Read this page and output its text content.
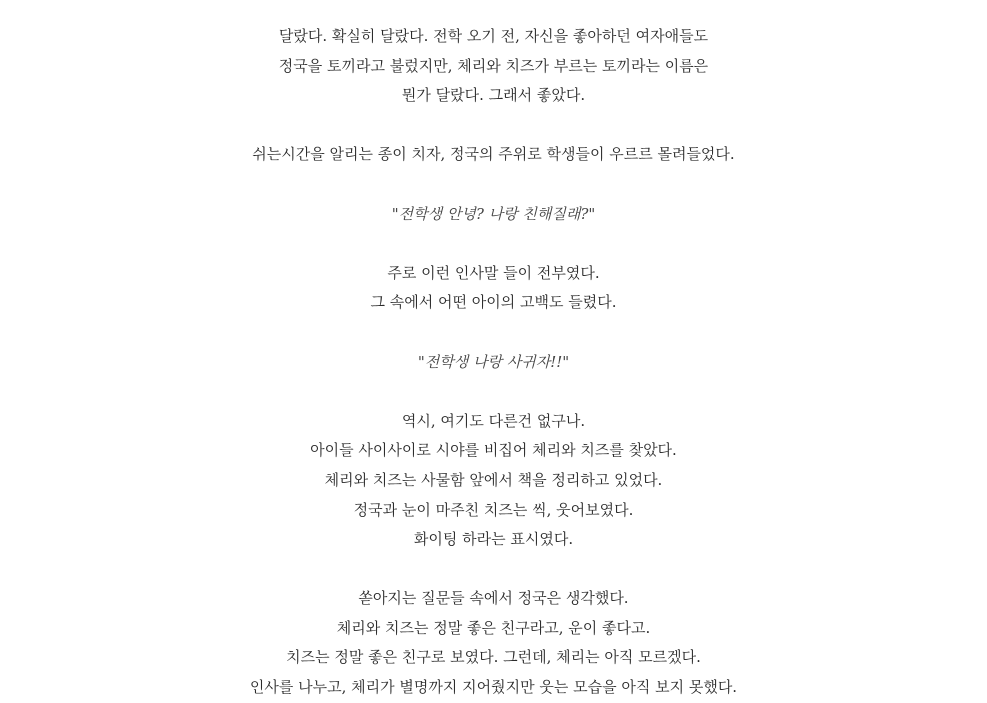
달랐다. 확실히 달랐다. 전학 오기 전, 자신을 좋아하던 여자애들도
정국을 토끼라고 불렀지만, 체리와 치즈가 부르는 토끼라는 이름은
뭔가 달랐다. 그래서 좋았다.
쉬는시간을 알리는 종이 치자, 정국의 주위로 학생들이 우르르 몰려들었다.
"전학생 안녕? 나랑 친해질래?"
주로 이런 인사말 들이 전부였다.
그 속에서 어떤 아이의 고백도 들렸다.
"전학생 나랑 사귀자!!"
역시, 여기도 다른건 없구나.
아이들 사이사이로 시야를 비집어 체리와 치즈를 찾았다.
체리와 치즈는 사물함 앞에서 책을 정리하고 있었다.
정국과 눈이 마주친 치즈는 씩, 웃어보였다.
화이팅 하라는 표시였다.
쏟아지는 질문들 속에서 정국은 생각했다.
체리와 치즈는 정말 좋은 친구라고, 운이 좋다고.
치즈는 정말 좋은 친구로 보였다. 그런데, 체리는 아직 모르겠다.
인사를 나누고, 체리가 별명까지 지어줬지만 웃는 모습을 아직 보지 못했다.
